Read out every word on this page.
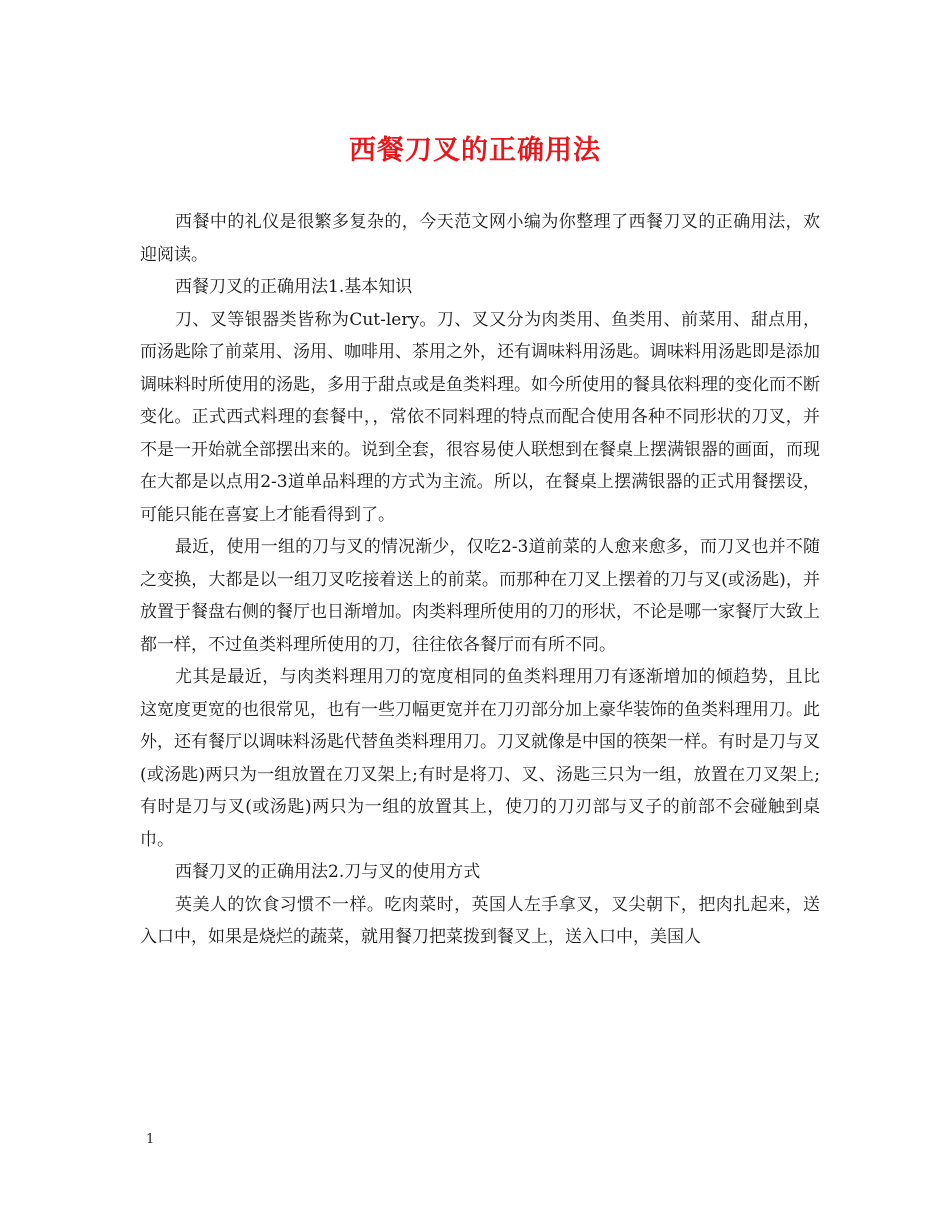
西餐刀叉的正确用法

西餐中的礼仪是很繁多复杂的，今天范文网小编为你整理了西餐刀叉的正确用法，欢迎阅读。

西餐刀叉的正确用法1.基本知识

刀、叉等银器类皆称为Cut-lery。刀、叉又分为肉类用、鱼类用、前菜用、甜点用，而汤匙除了前菜用、汤用、咖啡用、茶用之外，还有调味料用汤匙。调味料用汤匙即是添加调味料时所使用的汤匙，多用于甜点或是鱼类料理。如今所使用的餐具依料理的变化而不断变化。正式西式料理的套餐中，，常依不同料理的特点而配合使用各种不同形状的刀叉，并不是一开始就全部摆出来的。说到全套，很容易使人联想到在餐桌上摆满银器的画面，而现在大都是以点用2-3道单品料理的方式为主流。所以，在餐桌上摆满银器的正式用餐摆设，可能只能在喜宴上才能看得到了。

最近，使用一组的刀与叉的情况渐少，仅吃2-3道前菜的人愈来愈多，而刀叉也并不随之变换，大都是以一组刀叉吃接着送上的前菜。而那种在刀叉上摆着的刀与叉(或汤匙)，并放置于餐盘右侧的餐厅也日渐增加。肉类料理所使用的刀的形状，不论是哪一家餐厅大致上都一样，不过鱼类料理所使用的刀，往往依各餐厅而有所不同。

尤其是最近，与肉类料理用刀的宽度相同的鱼类料理用刀有逐渐增加的倾趋势，且比这宽度更宽的也很常见，也有一些刀幅更宽并在刀刃部分加上豪华装饰的鱼类料理用刀。此外，还有餐厅以调味料汤匙代替鱼类料理用刀。刀叉就像是中国的筷架一样。有时是刀与叉(或汤匙)两只为一组放置在刀叉架上;有时是将刀、叉、汤匙三只为一组，放置在刀叉架上;有时是刀与叉(或汤匙)两只为一组的放置其上，使刀的刀刃部与叉子的前部不会碰触到桌巾。

西餐刀叉的正确用法2.刀与叉的使用方式

英美人的饮食习惯不一样。吃肉菜时，英国人左手拿叉，叉尖朝下，把肉扎起来，送入口中，如果是烧烂的蔬菜，就用餐刀把菜拨到餐叉上，送入口中，美国人

1
